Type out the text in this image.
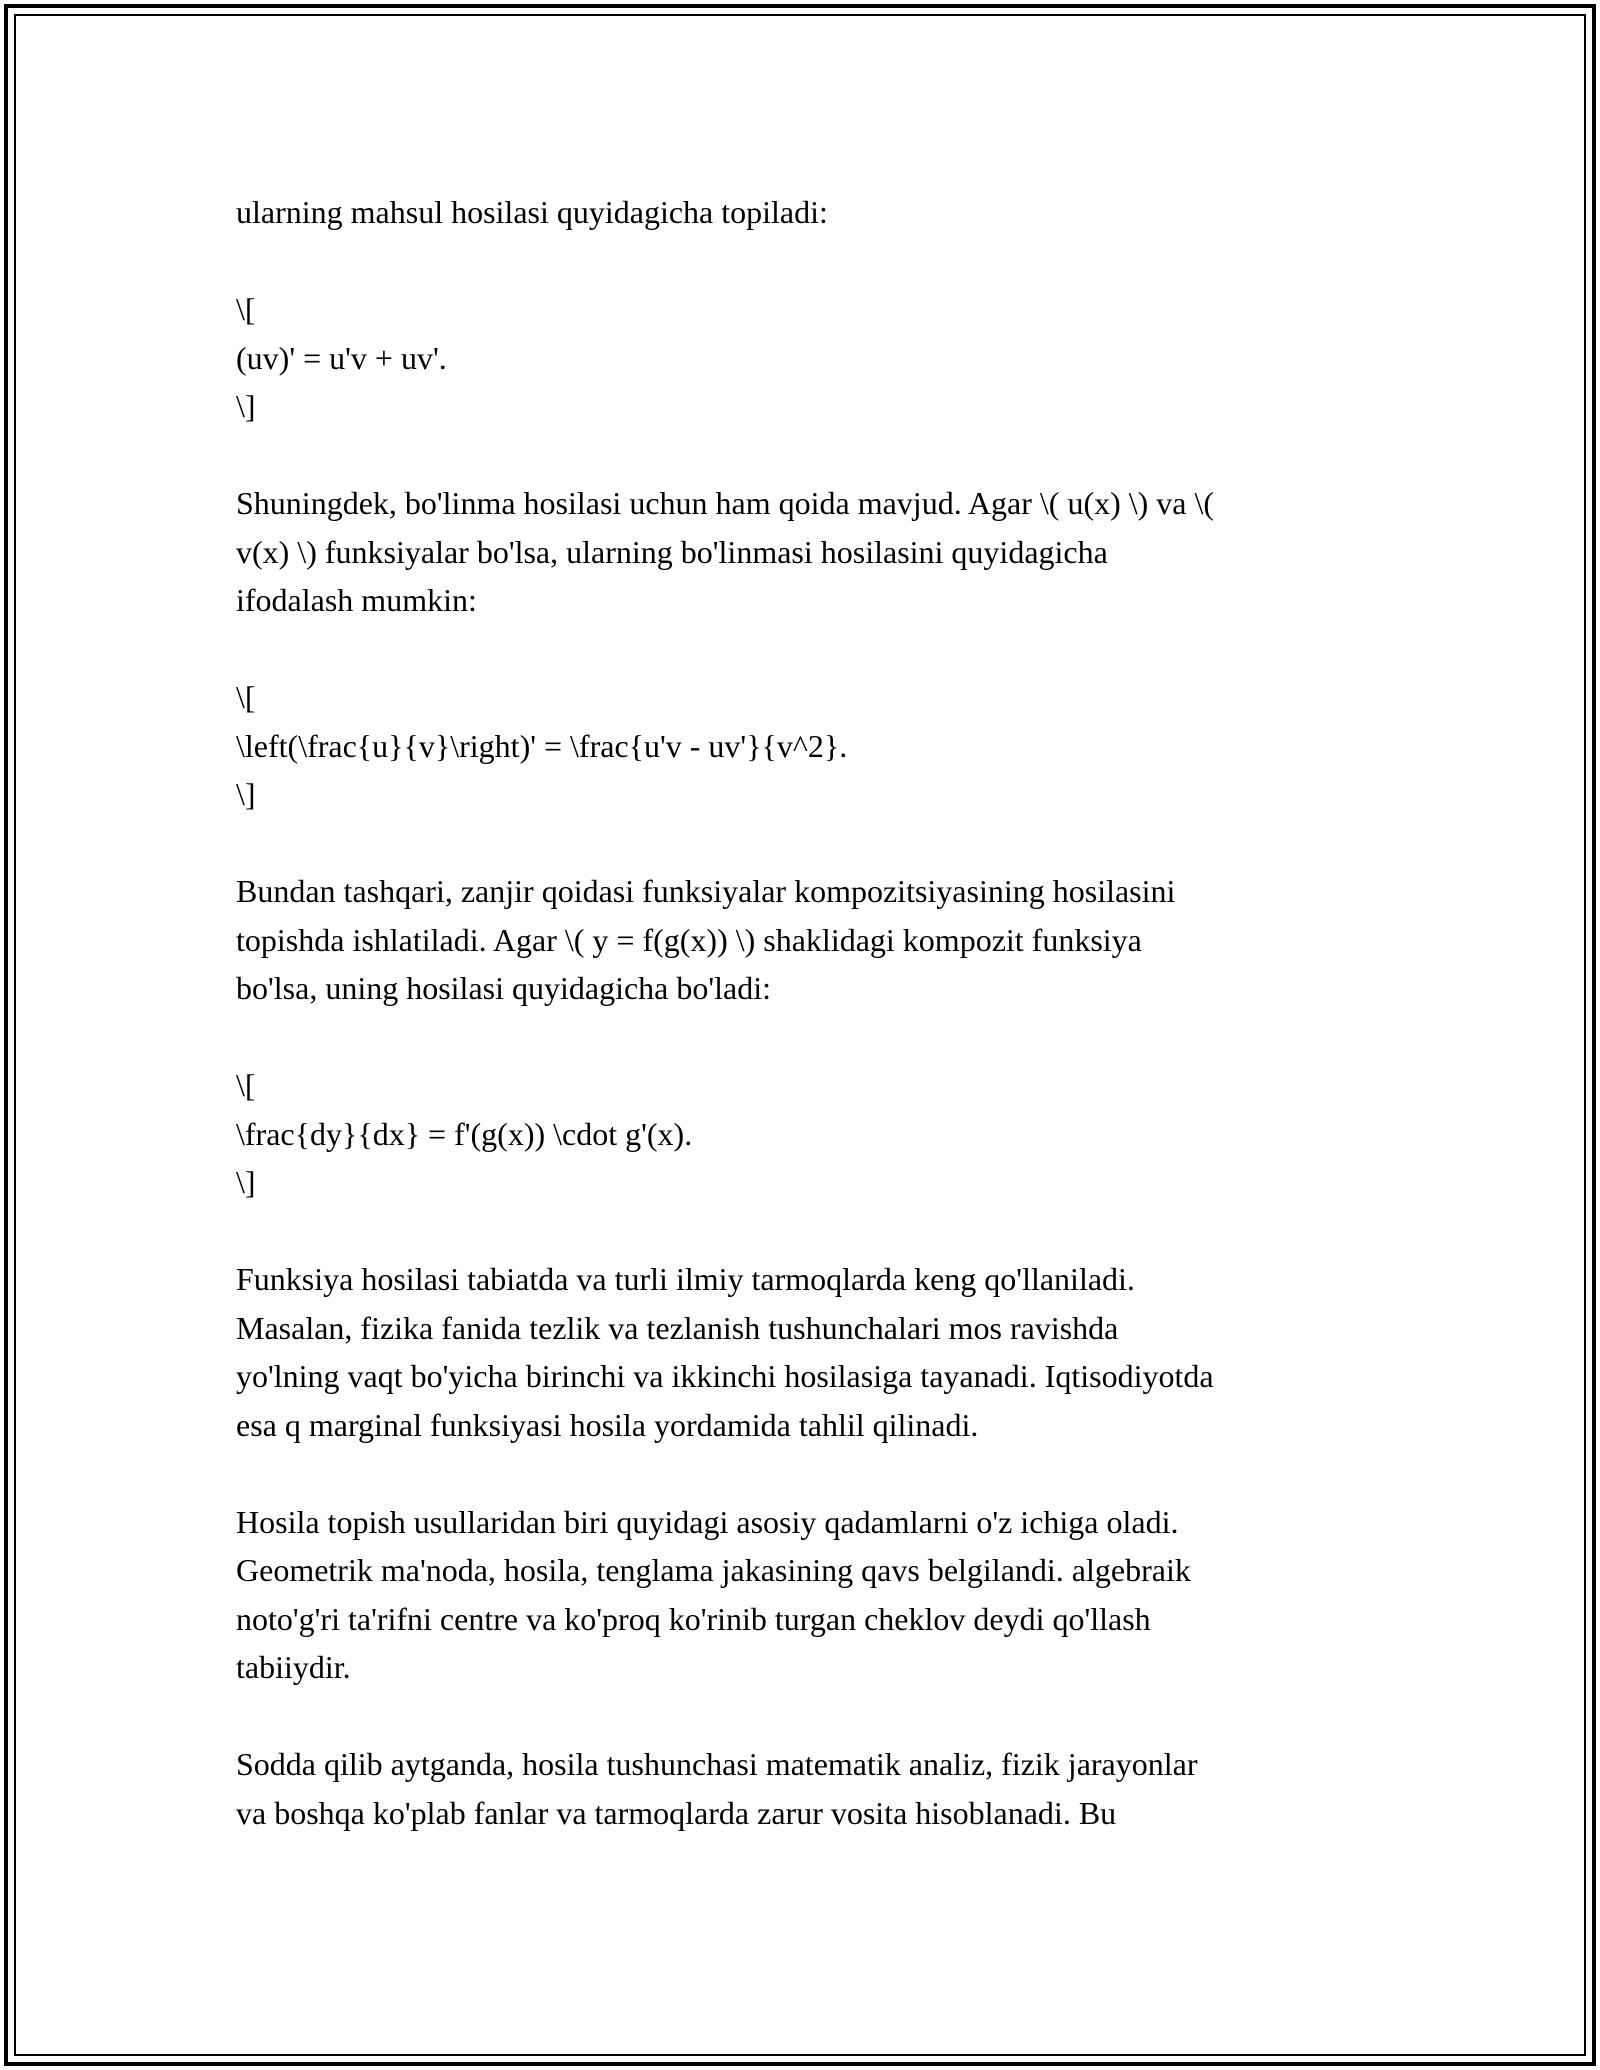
ularning mahsul hosilasi quyidagicha topiladi:

\[
(uv)' = u'v + uv'.
\]

Shuningdek, bo'linma hosilasi uchun ham qoida mavjud. Agar \( u(x) \) va \(
v(x) \) funksiyalar bo'lsa, ularning bo'linmasi hosilasini quyidagicha
ifodalash mumkin:

\[
\left(\frac{u}{v}\right)' = \frac{u'v - uv'}{v^2}.
\]

Bundan tashqari, zanjir qoidasi funksiyalar kompozitsiyasining hosilasini
topishda ishlatiladi. Agar \( y = f(g(x)) \) shaklidagi kompozit funksiya
bo'lsa, uning hosilasi quyidagicha bo'ladi:

\[
\frac{dy}{dx} = f'(g(x)) \cdot g'(x).
\]

Funksiya hosilasi tabiatda va turli ilmiy tarmoqlarda keng qo'llaniladi.
Masalan, fizika fanida tezlik va tezlanish tushunchalari mos ravishda
yo'lning vaqt bo'yicha birinchi va ikkinchi hosilasiga tayanadi. Iqtisodiyotda
esa q marginal funksiyasi hosila yordamida tahlil qilinadi.

Hosila topish usullaridan biri quyidagi asosiy qadamlarni o'z ichiga oladi.
Geometrik ma'noda, hosila, tenglama jakasining qavs belgilandi. algebraik
noto'g'ri ta'rifni centre va ko'proq ko'rinib turgan cheklov deydi qo'llash
tabiiydir.

Sodda qilib aytganda, hosila tushunchasi matematik analiz, fizik jarayonlar
va boshqa ko'plab fanlar va tarmoqlarda zarur vosita hisoblanadi. Bu
